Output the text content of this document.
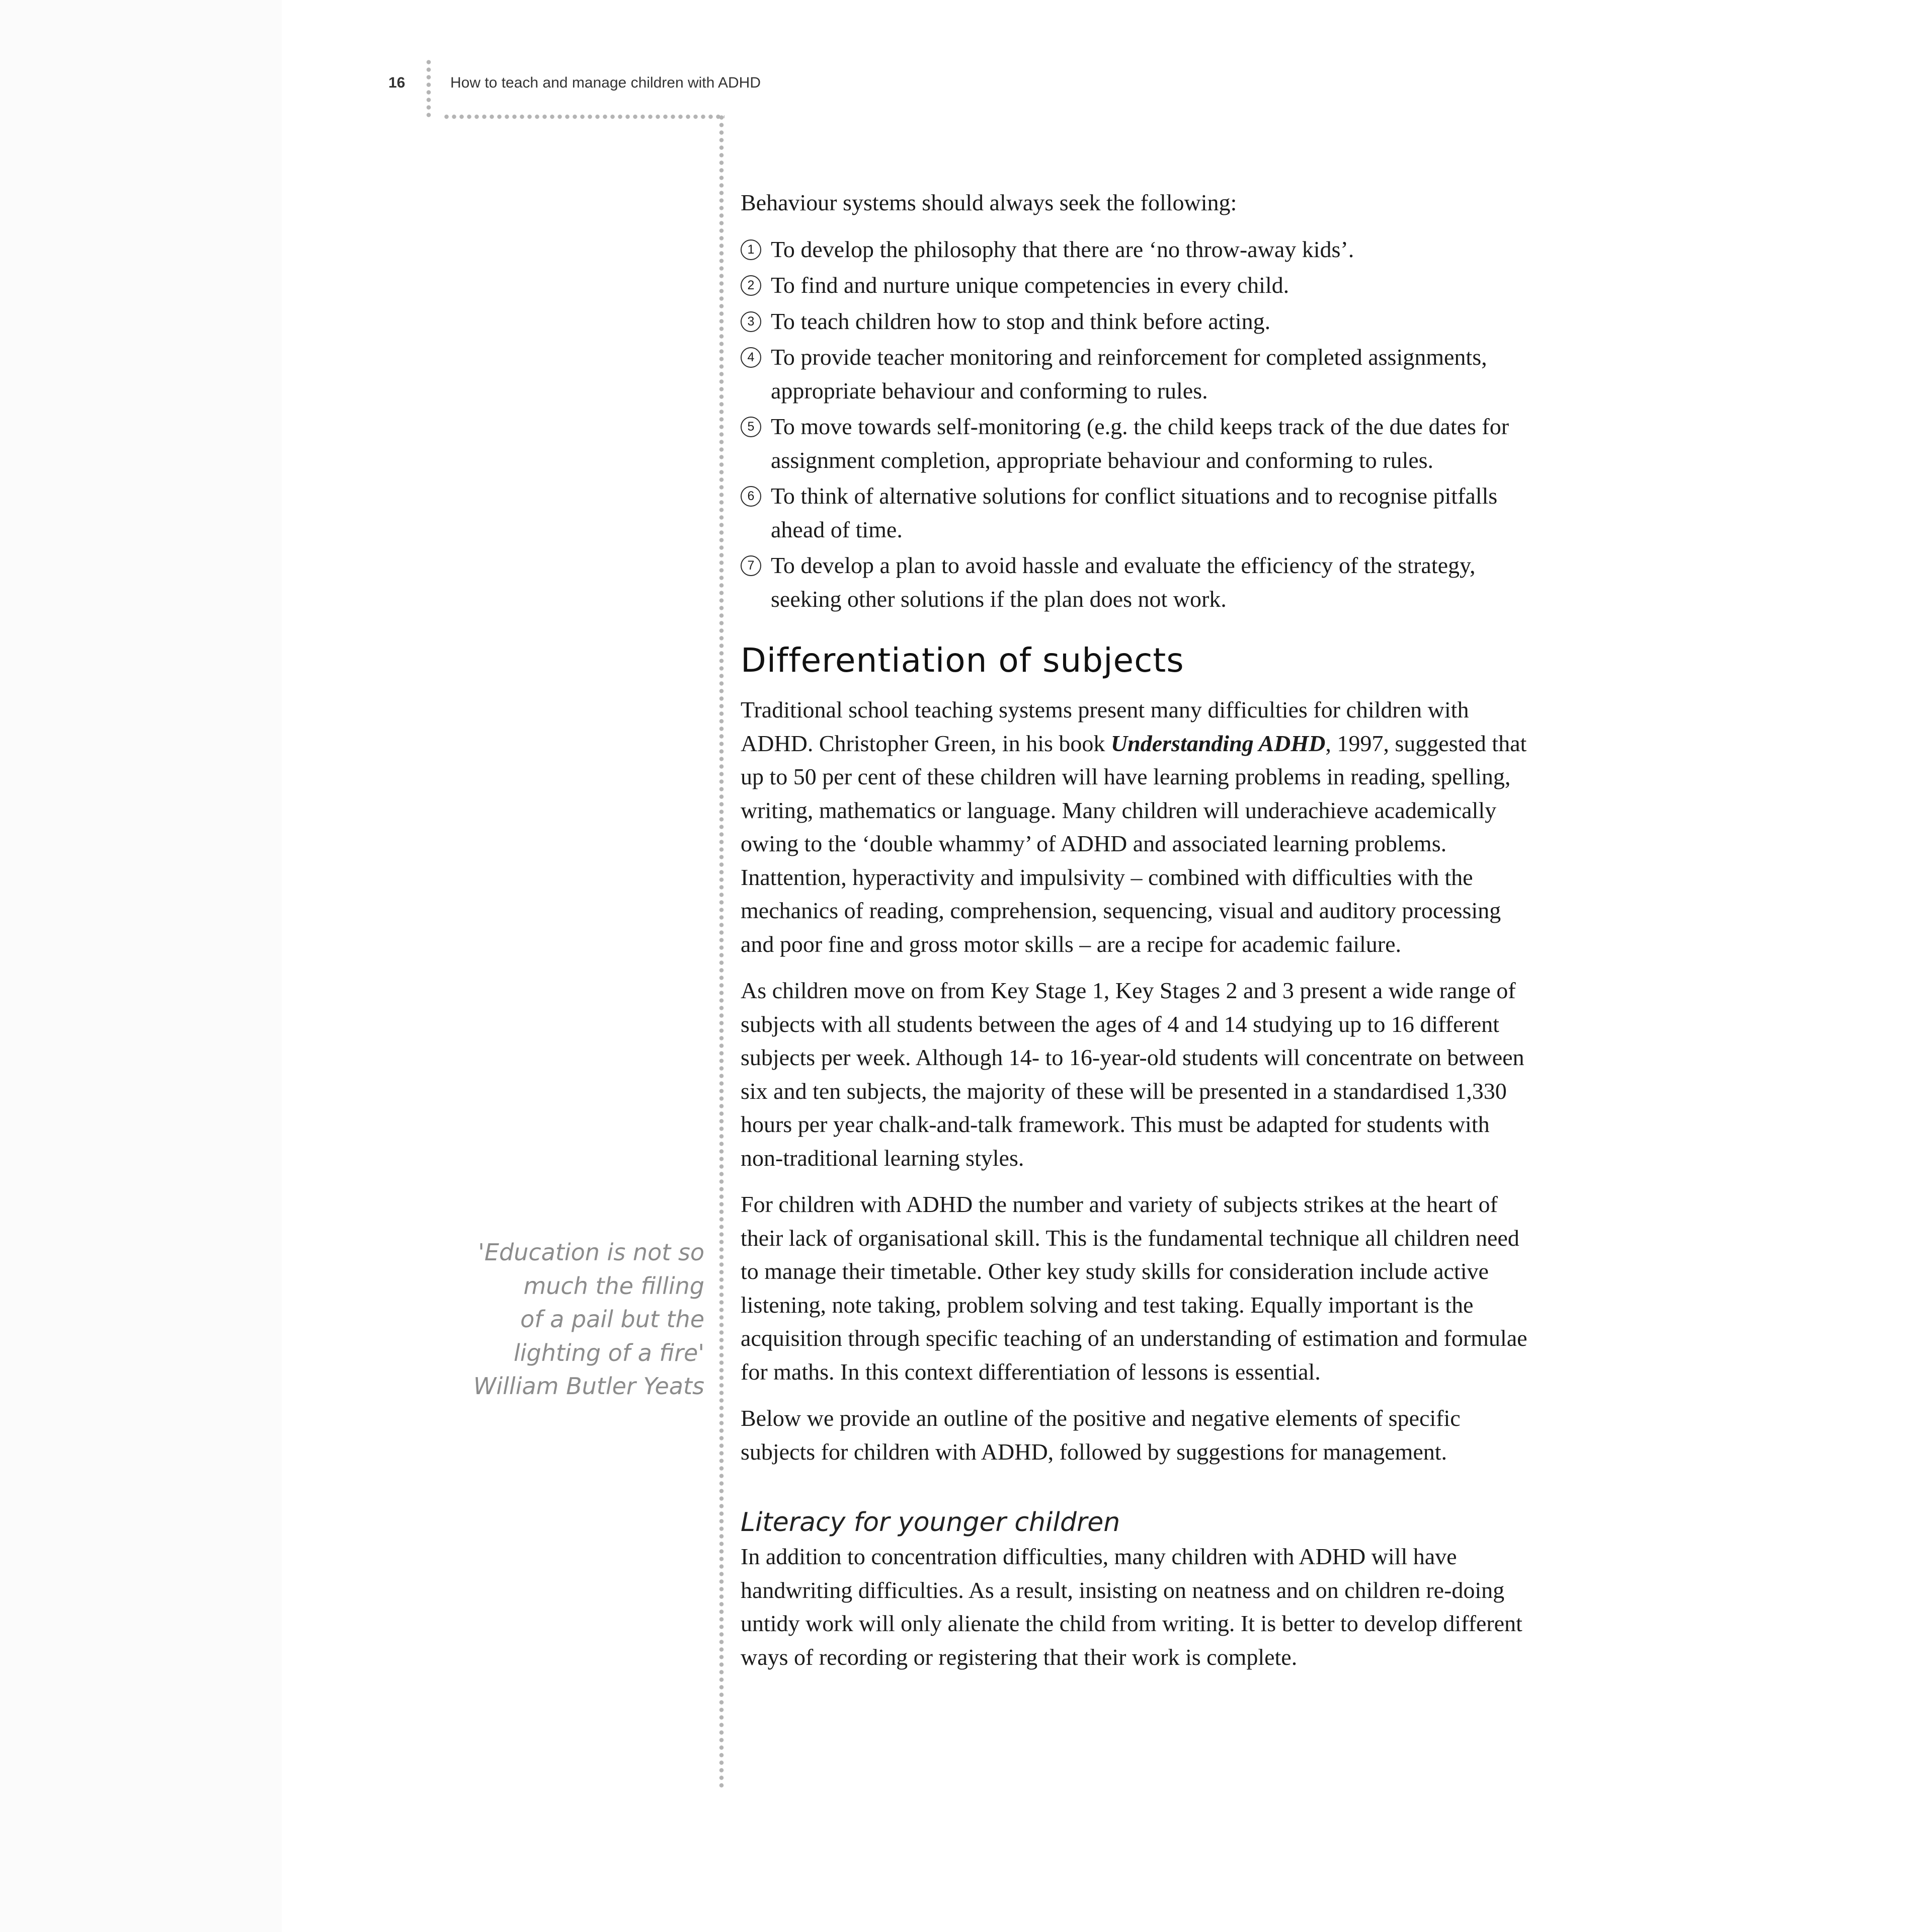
16	How to teach and manage children with ADHD
'Education is not so
much the filling
of a pail but the
lighting of a fire'
William Butler Yeats

Behaviour systems should always seek the following:

1 To develop the philosophy that there are ‘no throw-away kids’.
2 To find and nurture unique competencies in every child.
3 To teach children how to stop and think before acting.
4 To provide teacher monitoring and reinforcement for completed assignments, appropriate behaviour and conforming to rules.
5 To move towards self-monitoring (e.g. the child keeps track of the due dates for assignment completion, appropriate behaviour and conforming to rules.
6 To think of alternative solutions for conflict situations and to recognise pitfalls ahead of time.
7 To develop a plan to avoid hassle and evaluate the efficiency of the strategy, seeking other solutions if the plan does not work.
Differentiation of subjects

Traditional school teaching systems present many difficulties for children with ADHD. Christopher Green, in his book Understanding ADHD, 1997, suggested that up to 50 per cent of these children will have learning problems in reading, spelling, writing, mathematics or language. Many children will underachieve academically owing to the ‘double whammy’ of ADHD and associated learning problems. Inattention, hyperactivity and impulsivity – combined with difficulties with the mechanics of reading, comprehension, sequencing, visual and auditory processing and poor fine and gross motor skills – are a recipe for academic failure.

As children move on from Key Stage 1, Key Stages 2 and 3 present a wide range of subjects with all students between the ages of 4 and 14 studying up to 16 different subjects per week. Although 14- to 16-year-old students will concentrate on between six and ten subjects, the majority of these will be presented in a standardised 1,330 hours per year chalk-and-talk framework. This must be adapted for students with non-traditional learning styles.

For children with ADHD the number and variety of subjects strikes at the heart of their lack of organisational skill. This is the fundamental technique all children need to manage their timetable. Other key study skills for consideration include active listening, note taking, problem solving and test taking. Equally important is the acquisition through specific teaching of an understanding of estimation and formulae for maths. In this context differentiation of lessons is essential.

Below we provide an outline of the positive and negative elements of specific subjects for children with ADHD, followed by suggestions for management.

Literacy for younger children

In addition to concentration difficulties, many children with ADHD will have handwriting difficulties. As a result, insisting on neatness and on children re-doing untidy work will only alienate the child from writing. It is better to develop different ways of recording or registering that their work is complete.
